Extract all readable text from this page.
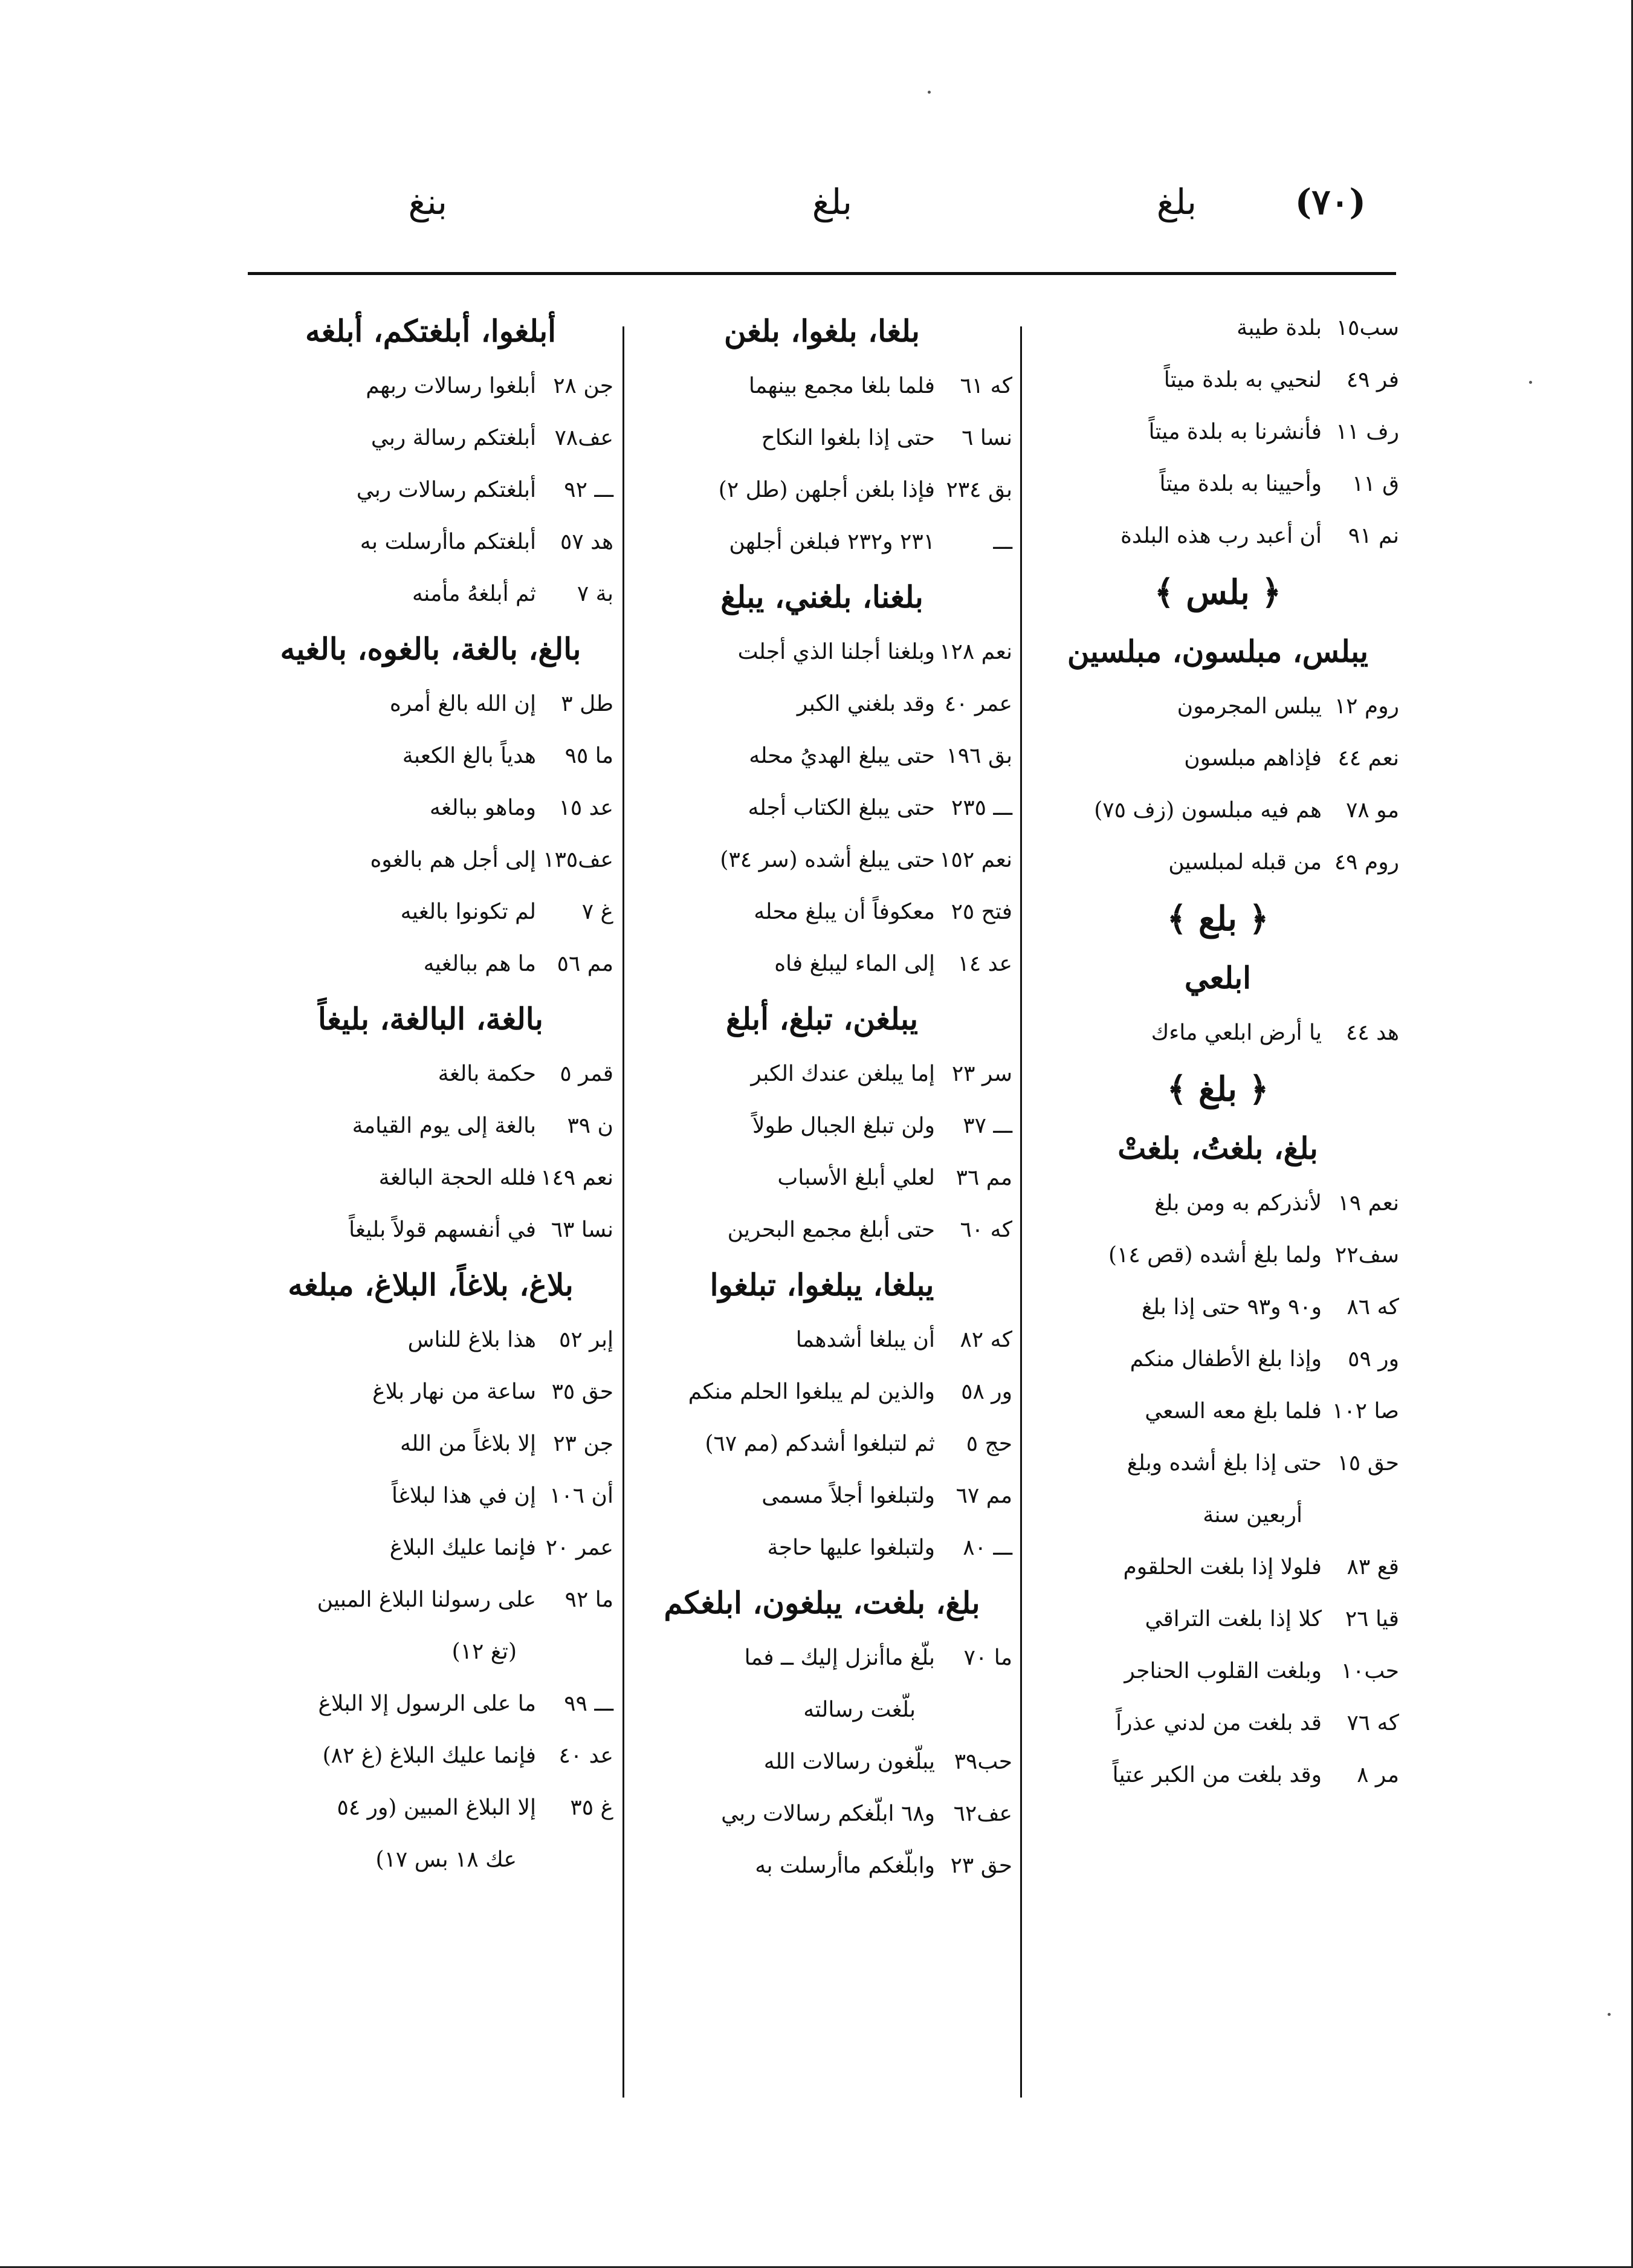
(٧٠)
بلغ
بلغ
بنغ
سب١٥
بلدة طيبة
فر ٤٩
لنحيي به بلدة ميتاً
رف ١١
فأنشرنا به بلدة ميتاً
ق ١١
وأحيينا به بلدة ميتاً
نم ٩١
أن أعبد رب هذه البلدة
﴿ بلس ﴾
يبلس، مبلسون، مبلسين
روم ١٢
يبلس المجرمون
نعم ٤٤
فإذاهم مبلسون
مو ٧٨
هم فيه مبلسون (زف ٧٥)
روم ٤٩
من قبله لمبلسين
﴿ بلع ﴾
ابلعي
هد ٤٤
يا أرض ابلعي ماءك
﴿ بلغ ﴾
بلغ، بلغتُ، بلغتْ
نعم ١٩
لأنذركم به ومن بلغ
سف٢٢
ولما بلغ أشده (قص ١٤)
كه ٨٦
و٩٠ و٩٣ حتى إذا بلغ
ور ٥٩
وإذا بلغ الأطفال منكم
صا ١٠٢
فلما بلغ معه السعي
حق ١٥
حتى إذا بلغ أشده وبلغ
أربعين سنة
قع ٨٣
فلولا إذا بلغت الحلقوم
قيا ٢٦
كلا إذا بلغت التراقي
حب١٠
وبلغت القلوب الحناجر
كه ٧٦
قد بلغت من لدني عذراً
مر ٨
وقد بلغت من الكبر عتياً
بلغا، بلغوا، بلغن
كه ٦١
فلما بلغا مجمع بينهما
نسا ٦
حتى إذا بلغوا النكاح
بق ٢٣٤
فإذا بلغن أجلهن (طل ٢)
ـــ
٢٣١ و٢٣٢ فبلغن أجلهن
بلغنا، بلغني، يبلغ
نعم ١٢٨
وبلغنا أجلنا الذي أجلت
عمر ٤٠
وقد بلغني الكبر
بق ١٩٦
حتى يبلغ الهديُ محله
ـــ ٢٣٥
حتى يبلغ الكتاب أجله
نعم ١٥٢
حتى يبلغ أشده (سر ٣٤)
فتح ٢٥
معكوفاً أن يبلغ محله
عد ١٤
إلى الماء ليبلغ فاه
يبلغن، تبلغ، أبلغ
سر ٢٣
إما يبلغن عندك الكبر
ـــ ٣٧
ولن تبلغ الجبال طولاً
مم ٣٦
لعلي أبلغ الأسباب
كه ٦٠
حتى أبلغ مجمع البحرين
يبلغا، يبلغوا، تبلغوا
كه ٨٢
أن يبلغا أشدهما
ور ٥٨
والذين لم يبلغوا الحلم منكم
حج ٥
ثم لتبلغوا أشدكم (مم ٦٧)
مم ٦٧
ولتبلغوا أجلاً مسمى
ـــ ٨٠
ولتبلغوا عليها حاجة
بلغ، بلغت، يبلغون، ابلغكم
ما ٧٠
بلّغ ماأنزل إليك ــ فما
بلّغت رسالته
حب٣٩
يبلّغون رسالات الله
عف٦٢
و٦٨ ابلّغكم رسالات ربي
حق ٢٣
وابلّغكم ماأرسلت به
أبلغوا، أبلغتكم، أبلغه
جن ٢٨
أبلغوا رسالات ربهم
عف٧٨
أبلغتكم رسالة ربي
ـــ ٩٢
أبلغتكم رسالات ربي
هد ٥٧
أبلغتكم ماأرسلت به
بة ٧
ثم أبلغهُ مأمنه
بالغ، بالغة، بالغوه، بالغيه
طل ٣
إن الله بالغ أمره
ما ٩٥
هدياً بالغ الكعبة
عد ١٥
وماهو ببالغه
عف١٣٥
إلى أجل هم بالغوه
غ ٧
لم تكونوا بالغيه
مم ٥٦
ما هم ببالغيه
بالغة، البالغة، بليغاً
قمر ٥
حكمة بالغة
ن ٣٩
بالغة إلى يوم القيامة
نعم ١٤٩
فلله الحجة البالغة
نسا ٦٣
في أنفسهم قولاً بليغاً
بلاغ، بلاغاً، البلاغ، مبلغه
إبر ٥٢
هذا بلاغ للناس
حق ٣٥
ساعة من نهار بلاغ
جن ٢٣
إلا بلاغاً من الله
أن ١٠٦
إن في هذا لبلاغاً
عمر ٢٠
فإنما عليك البلاغ
ما ٩٢
على رسولنا البلاغ المبين
(تغ ١٢)
ـــ ٩٩
ما على الرسول إلا البلاغ
عد ٤٠
فإنما عليك البلاغ (غ ٨٢)
غ ٣٥
إلا البلاغ المبين (ور ٥٤
عك ١٨ بس ١٧)
